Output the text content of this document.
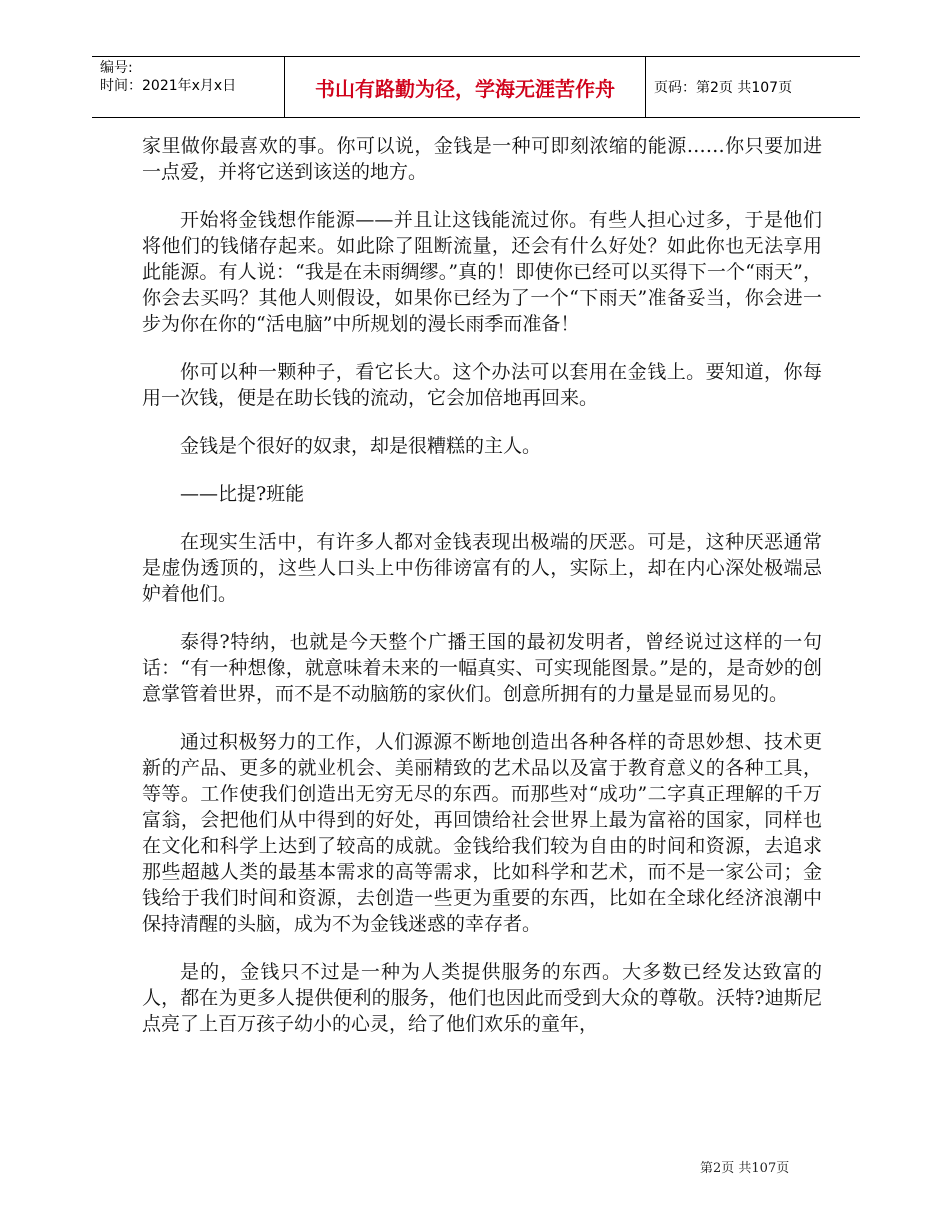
编号:
时间：2021年x月x日	书山有路勤为径，学海无涯苦作舟	页码：第2页 共107页

家里做你最喜欢的事。你可以说，金钱是一种可即刻浓缩的能源……你只要加进一点爱，并将它送到该送的地方。

开始将金钱想作能源——并且让这钱能流过你。有些人担心过多，于是他们将他们的钱储存起来。如此除了阻断流量，还会有什么好处？如此你也无法享用此能源。有人说：“我是在未雨绸缪。”真的！即使你已经可以买得下一个“雨天”，你会去买吗？其他人则假设，如果你已经为了一个“下雨天”准备妥当，你会进一步为你在你的“活电脑”中所规划的漫长雨季而准备！

你可以种一颗种子，看它长大。这个办法可以套用在金钱上。要知道，你每用一次钱，便是在助长钱的流动，它会加倍地再回来。

金钱是个很好的奴隶，却是很糟糕的主人。

——比提?班能

在现实生活中，有许多人都对金钱表现出极端的厌恶。可是，这种厌恶通常是虚伪透顶的，这些人口头上中伤徘谤富有的人，实际上，却在内心深处极端忌妒着他们。

泰得?特纳，也就是今天整个广播王国的最初发明者，曾经说过这样的一句话：“有一种想像，就意味着未来的一幅真实、可实现能图景。”是的，是奇妙的创意掌管着世界，而不是不动脑筋的家伙们。创意所拥有的力量是显而易见的。

通过积极努力的工作，人们源源不断地创造出各种各样的奇思妙想、技术更新的产品、更多的就业机会、美丽精致的艺术品以及富于教育意义的各种工具，等等。工作使我们创造出无穷无尽的东西。而那些对“成功”二字真正理解的千万富翁，会把他们从中得到的好处，再回馈给社会世界上最为富裕的国家，同样也在文化和科学上达到了较高的成就。金钱给我们较为自由的时间和资源，去追求那些超越人类的最基本需求的高等需求，比如科学和艺术，而不是一家公司；金钱给于我们时间和资源，去创造一些更为重要的东西，比如在全球化经济浪潮中保持清醒的头脑，成为不为金钱迷惑的幸存者。

是的，金钱只不过是一种为人类提供服务的东西。大多数已经发达致富的人，都在为更多人提供便利的服务，他们也因此而受到大众的尊敬。沃特?迪斯尼点亮了上百万孩子幼小的心灵，给了他们欢乐的童年，

第2页 共107页
